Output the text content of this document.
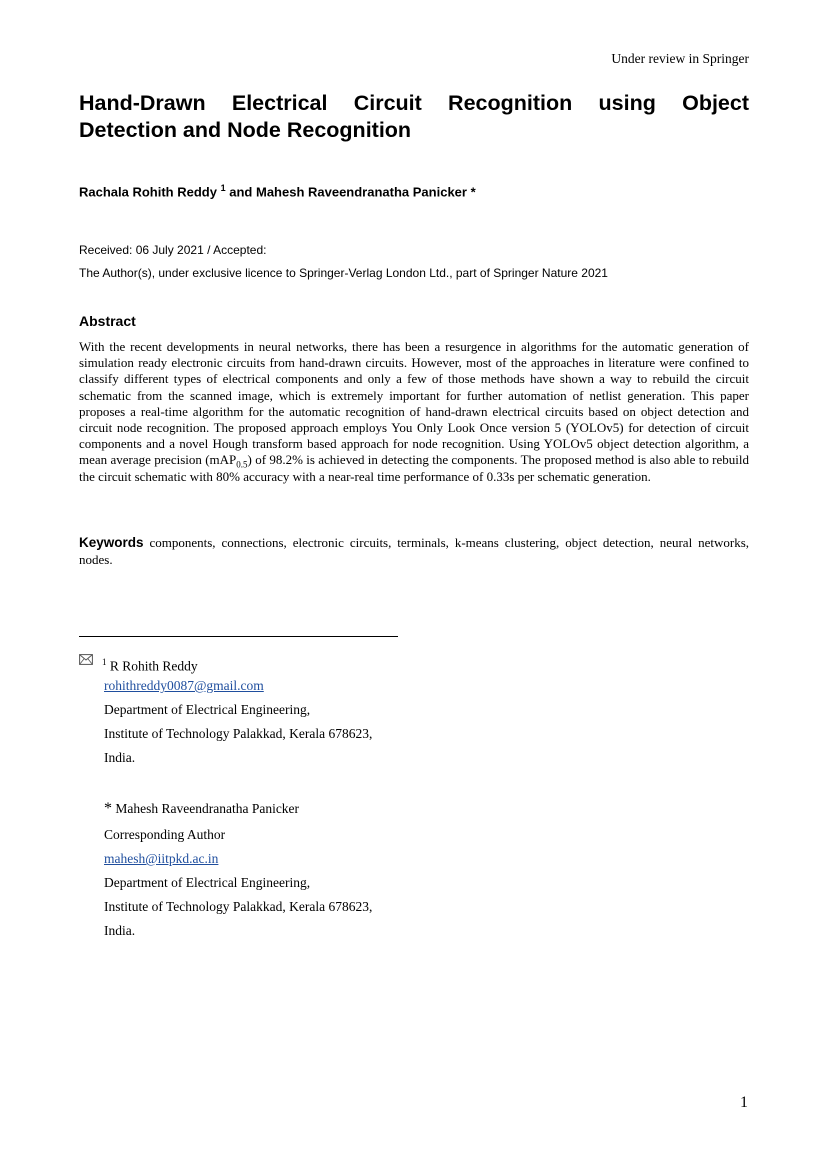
Under review in Springer
Hand-Drawn Electrical Circuit Recognition using Object Detection and Node Recognition
Rachala Rohith Reddy $^1$ and Mahesh Raveendranatha Panicker *
Received: 06 July 2021 / Accepted:
The Author(s), under exclusive licence to Springer-Verlag London Ltd., part of Springer Nature 2021
Abstract

With the recent developments in neural networks, there has been a resurgence in algorithms for the automatic generation of simulation ready electronic circuits from hand-drawn circuits. However, most of the approaches in literature were confined to classify different types of electrical components and only a few of those methods have shown a way to rebuild the circuit schematic from the scanned image, which is extremely important for further automation of netlist generation. This paper proposes a real-time algorithm for the automatic recognition of hand-drawn electrical circuits based on object detection and circuit node recognition. The proposed approach employs You Only Look Once version 5 (YOLOv5) for detection of circuit components and a novel Hough transform based approach for node recognition. Using YOLOv5 object detection algorithm, a mean average precision (mAP$_{0.5}$) of 98.2% is achieved in detecting the components. The proposed method is also able to rebuild the circuit schematic with 80% accuracy with a near-real time performance of 0.33s per schematic generation.

Keywords components, connections, electronic circuits, terminals, k-means clustering, object detection, neural networks, nodes.

$^1$ R Rohith Reddy
rohithreddy0087@gmail.com
Department of Electrical Engineering,
Institute of Technology Palakkad, Kerala 678623,
India.
* Mahesh Raveendranatha Panicker
Corresponding Author
mahesh@iitpkd.ac.in
Department of Electrical Engineering,
Institute of Technology Palakkad, Kerala 678623,
India.
1
